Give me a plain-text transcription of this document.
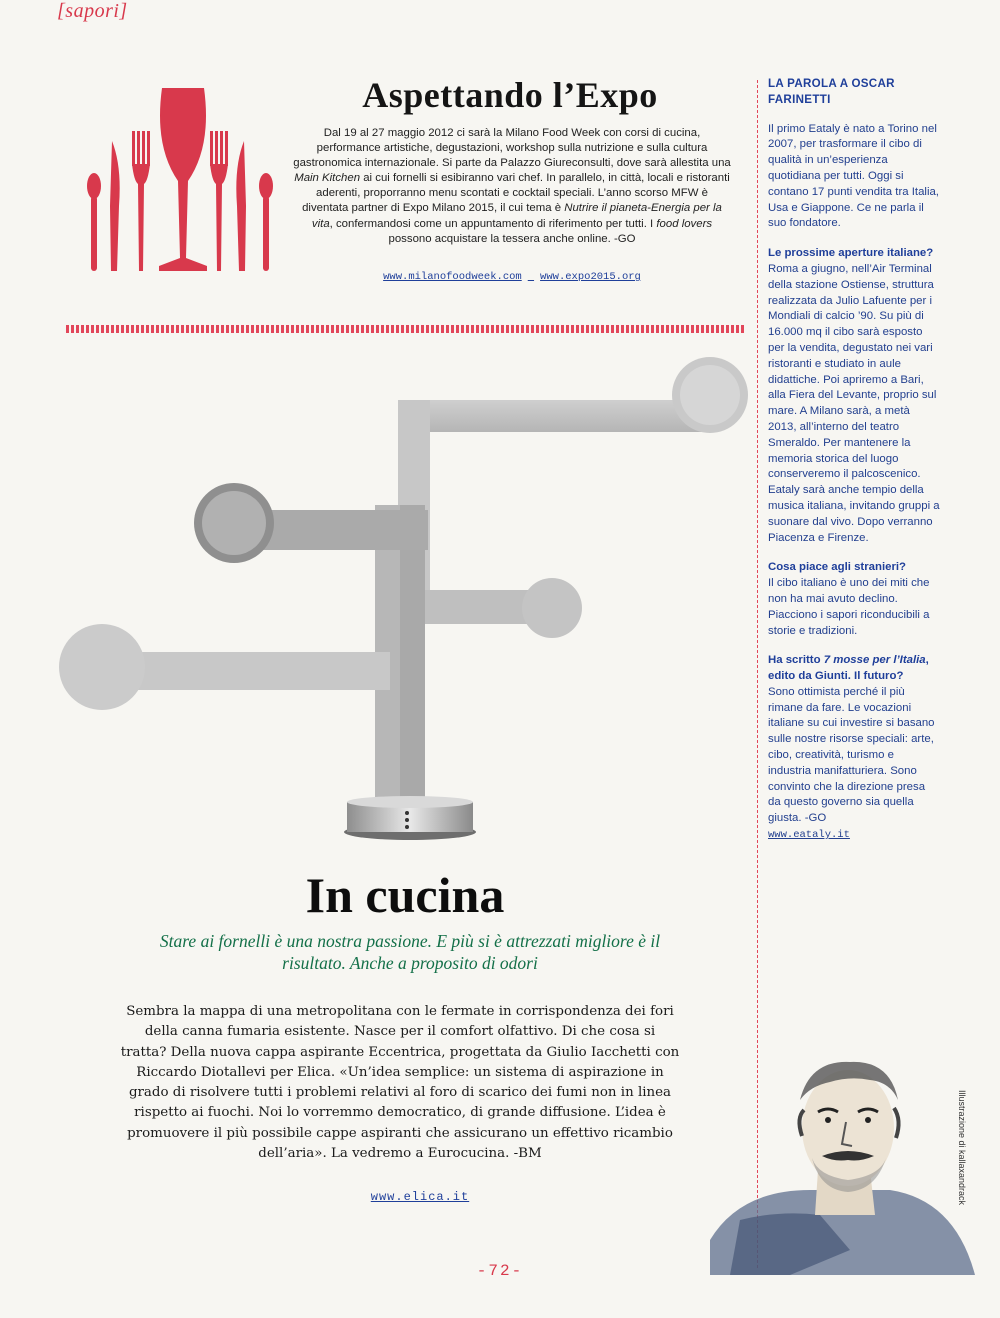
[sapori]
Aspettando l’Expo
Dal 19 al 27 maggio 2012 ci sarà la Milano Food Week con corsi di cucina, performance artistiche, degustazioni, workshop sulla nutrizione e sulla cultura gastronomica internazionale. Si parte da Palazzo Giureconsulti, dove sarà allestita una Main Kitchen ai cui fornelli si esibiranno vari chef. In parallelo, in città, locali e ristoranti aderenti, proporranno menu scontati e cocktail speciali. L’anno scorso MFW è diventata partner di Expo Milano 2015, il cui tema è Nutrire il pianeta-Energia per la vita, confermandosi come un appuntamento di riferimento per tutti. I food lovers possono acquistare la tessera anche online. -GO
www.milanofoodweek.com www.expo2015.org
In cucina
Stare ai fornelli è una nostra passione. E più si è attrezzati migliore è il risultato. Anche a proposito di odori
Sembra la mappa di una metropolitana con le fermate in corrispondenza dei fori della canna fumaria esistente. Nasce per il comfort olfattivo. Di che cosa si tratta? Della nuova cappa aspirante Eccentrica, progettata da Giulio Iacchetti con Riccardo Diotallevi per Elica. «Un’idea semplice: un sistema di aspirazione in grado di risolvere tutti i problemi relativi al foro di scarico dei fumi non in linea rispetto ai fuochi. Noi lo vorremmo democratico, di grande diffusione. L’idea è promuovere il più possibile cappe aspiranti che assicurano un effettivo ricambio dell’aria». La vedremo a Eurocucina. -BM
www.elica.it
LA PAROLA A OSCAR FARINETTI

Il primo Eataly è nato a Torino nel 2007, per trasformare il cibo di qualità in un’esperienza quotidiana per tutti. Oggi si contano 17 punti vendita tra Italia, Usa e Giappone. Ce ne parla il suo fondatore.

Le prossime aperture italiane?
Roma a giugno, nell’Air Terminal della stazione Ostiense, struttura realizzata da Julio Lafuente per i Mondiali di calcio ’90. Su più di 16.000 mq il cibo sarà esposto per la vendita, degustato nei vari ristoranti e studiato in aule didattiche. Poi apriremo a Bari, alla Fiera del Levante, proprio sul mare. A Milano sarà, a metà 2013, all’interno del teatro Smeraldo. Per mantenere la memoria storica del luogo conserveremo il palcoscenico. Eataly sarà anche tempio della musica italiana, invitando gruppi a suonare dal vivo. Dopo verranno Piacenza e Firenze.

Cosa piace agli stranieri?
Il cibo italiano è uno dei miti che non ha mai avuto declino. Piacciono i sapori riconducibili a storie e tradizioni.

Ha scritto 7 mosse per l’Italia, edito da Giunti. Il futuro?
Sono ottimista perché il più rimane da fare. Le vocazioni italiane su cui investire si basano sulle nostre risorse speciali: arte, cibo, creatività, turismo e industria manifatturiera. Sono convinto che la direzione presa da questo governo sia quella giusta. -GO
www.eataly.it

Illustrazione di kallaxandrack
-72-
